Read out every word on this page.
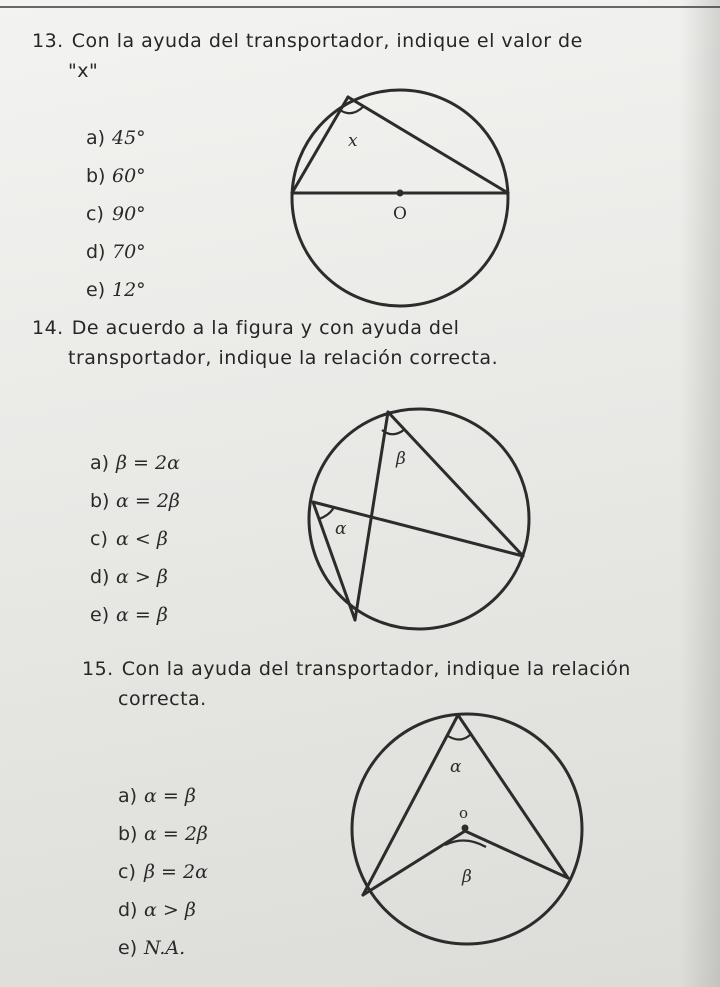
13. Con la ayuda del transportador, indique el valor de
"x"
a) 45°
b) 60°
c) 90°
d) 70°
e) 12°
x
O
14. De acuerdo a la figura y con ayuda del
transportador, indique la relación correcta.
a) β = 2α
b) α = 2β
c) α < β
d) α > β
e) α = β
β
α
15. Con la ayuda del transportador, indique la relación
correcta.
a) α = β
b) α = 2β
c) β = 2α
d) α > β
e) N.A.
α
o
β
